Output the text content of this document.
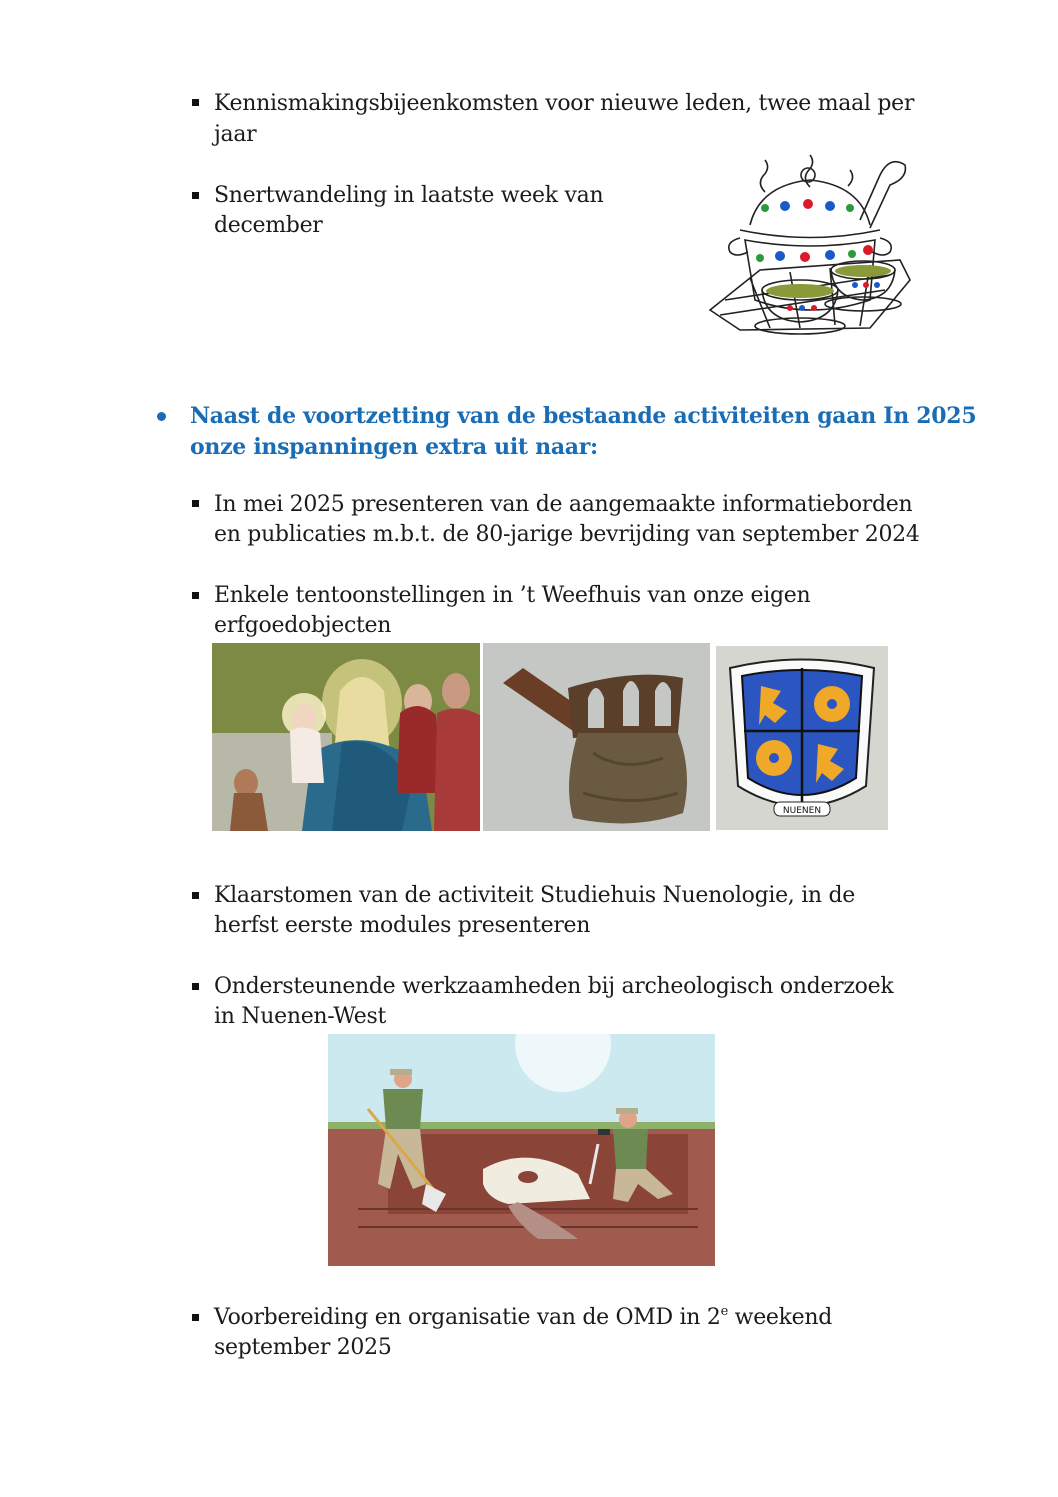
Kennismakingsbijeenkomsten voor nieuwe leden, twee maal per
jaar
Snertwandeling in laatste week van
december
Naast de voortzetting van de bestaande activiteiten gaan In 2025
onze inspanningen extra uit naar:
In mei 2025 presenteren van de aangemaakte informatieborden
en publicaties m.b.t. de 80-jarige bevrijding van september 2024
Enkele tentoonstellingen in ’t Weefhuis van onze eigen
erfgoedobjecten
NUENEN
Klaarstomen van de activiteit Studiehuis Nuenologie, in de
herfst eerste modules presenteren
Ondersteunende werkzaamheden bij archeologisch onderzoek
in Nuenen-West
Voorbereiding en organisatie van de OMD in 2e weekend
september 2025
